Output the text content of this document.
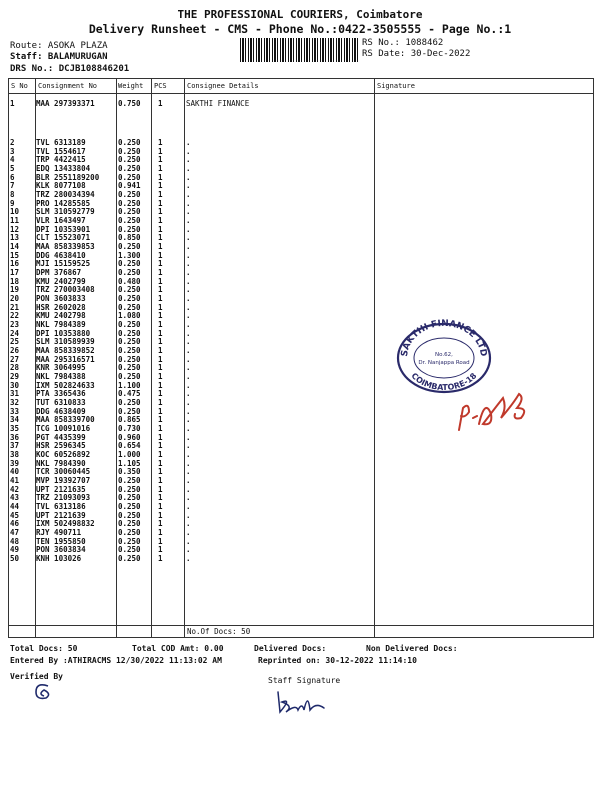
THE PROFESSIONAL COURIERS, Coimbatore
Delivery Runsheet - CMS - Phone No.:0422-3505555 - Page No.:1
Route: ASOKA PLAZA
Staff: BALAMURUGAN
DRS No.: DCJB108846201
RS No.: 1088462
RS Date: 30-Dec-2022
S No Consignment No	Weight PCS	Consignee Details	Signature
No.Of Docs: 50
1	MAA 297393371	0.750 1	SAKTHI FINANCE
2	TVL 6313189	0.250 1	.
3	TVL 1554617	0.250 1	.
4	TRP 4422415	0.250 1	.
5	EDQ 13433804	0.250 1	.
6	BLR 2551189200	0.250 1	.
7	KLK 8077108	0.941 1	.
8	TRZ 280034394	0.250 1	.
9	PRO 14285585	0.250 1	.
10 SLM 310592779	0.250 1	.
11 VLR 1643497	0.250 1	.
12 DPI 10353901	0.250 1	.
13 CLT 15523071	0.850 1	.
14 MAA 858339853	0.250 1	.
15 DDG 4638410	1.300 1	.
16 MJI 15159525	0.250 1	.
17 DPM 376867	0.250 1	.
18 KMU 2402799	0.480 1	.
19 TRZ 270003408	0.250 1	.
20 PON 3603833	0.250 1	.
21 HSR 2602028	0.250 1	.
22 KMU 2402798	1.080 1	.
23 NKL 7984389	0.250 1	.
24 DPI 10353880	0.250 1	.
25 SLM 310589939	0.250 1	.
26 MAA 858339852	0.250 1	.
27 MAA 295316571	0.250 1	.
28 KNR 3064995	0.250 1	.
29 NKL 7984388	0.250 1	.
30 IXM 502824633	1.100 1	.
31 PTA 3365436	0.475 1	.
32 TUT 6310833	0.250 1	.
33 DDG 4638409	0.250 1	.
34 MAA 858339700	0.865 1	.
35 TCG 10091016	0.730 1	.
36 PGT 4435399	0.960 1	.
37 HSR 2596345	0.654 1	.
38 KOC 60526892	1.000 1	.
39 NKL 7984390	1.105 1	.
40 TCR 30060445	0.350 1	.
41 MVP 19392707	0.250 1	.
42 UPT 2121635	0.250 1	.
43 TRZ 21093093	0.250 1	.
44 TVL 6313186	0.250 1	.
45 UPT 2121639	0.250 1	.
46 IXM 502498832	0.250 1	.
47 RJY 490711	0.250 1	.
48 TEN 1955850	0.250 1	.
49 PON 3603834	0.250 1	.
50 KNH 103026	0.250 1	.
SAKTHI FINANCE LTD
COIMBATORE-18
No.62,
Dr. Nanjappa Road
Total Docs: 50	Total COD Amt: 0.00	Delivered Docs:	Non Delivered Docs:
Entered By :ATHIRACMS 12/30/2022 11:13:02 AM	Reprinted on: 30-12-2022 11:14:10
Verified By	Staff Signature
